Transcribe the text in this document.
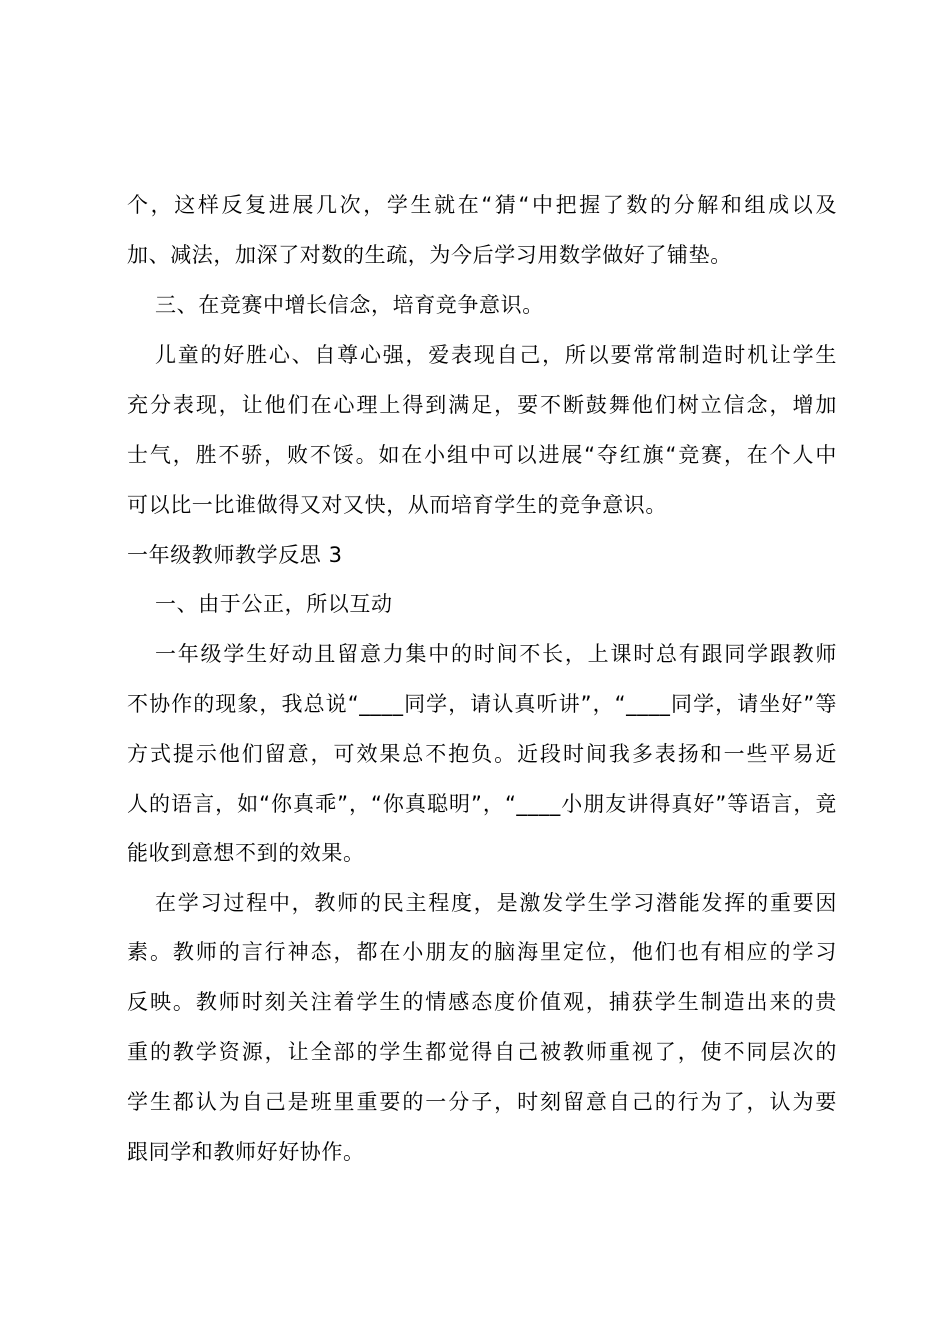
个，这样反复进展几次，学生就在“猜“中把握了数的分解和组成以及
加、减法，加深了对数的生疏，为今后学习用数学做好了铺垫。
三、在竞赛中增长信念，培育竞争意识。
儿童的好胜心、自尊心强，爱表现自己，所以要常常制造时机让学生
充分表现，让他们在心理上得到满足，要不断鼓舞他们树立信念，增加
士气，胜不骄，败不馁。如在小组中可以进展“夺红旗“竞赛，在个人中
可以比一比谁做得又对又快，从而培育学生的竞争意识。
一年级教师教学反思 3
一、由于公正，所以互动
一年级学生好动且留意力集中的时间不长，上课时总有跟同学跟教师
不协作的现象，我总说“____同学，请认真听讲”，“____同学，请坐好”等
方式提示他们留意，可效果总不抱负。近段时间我多表扬和一些平易近
人的语言，如“你真乖”，“你真聪明”，“____小朋友讲得真好”等语言，竟
能收到意想不到的效果。
在学习过程中，教师的民主程度，是激发学生学习潜能发挥的重要因
素。教师的言行神态，都在小朋友的脑海里定位，他们也有相应的学习
反映。教师时刻关注着学生的情感态度价值观，捕获学生制造出来的贵
重的教学资源，让全部的学生都觉得自己被教师重视了，使不同层次的
学生都认为自己是班里重要的一分子，时刻留意自己的行为了，认为要
跟同学和教师好好协作。
